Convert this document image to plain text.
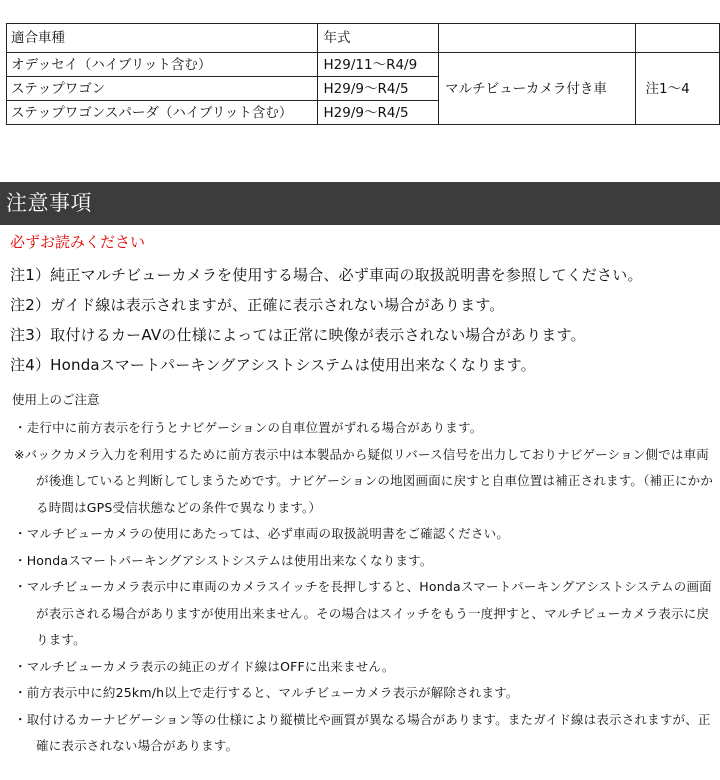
適合車種	年式		
オデッセイ（ハイブリット含む）	H29/11～R4/9	マルチビューカメラ付き車	注1～4
ステップワゴン	H29/9～R4/5		
ステップワゴンスパーダ（ハイブリット含む）	H29/9～R4/5		
注意事項
必ずお読みください
注1）純正マルチビューカメラを使用する場合、必ず車両の取扱説明書を参照してください。
注2）ガイド線は表示されますが、正確に表示されない場合があります。
注3）取付けるカーAVの仕様によっては正常に映像が表示されない場合があります。
注4）Hondaスマートパーキングアシストシステムは使用出来なくなります。
使用上のご注意
・走行中に前方表示を行うとナビゲーションの自車位置がずれる場合があります。
※バックカメラ入力を利用するために前方表示中は本製品から疑似リバース信号を出力しておりナビゲーション側では車両が後進していると判断してしまうためです。ナビゲーションの地図画面に戻すと自車位置は補正されます。（補正にかかる時間はGPS受信状態などの条件で異なります。）
・マルチビューカメラの使用にあたっては、必ず車両の取扱説明書をご確認ください。
・Hondaスマートパーキングアシストシステムは使用出来なくなります。
・マルチビューカメラ表示中に車両のカメラスイッチを長押しすると、Hondaスマートパーキングアシストシステムの画面が表示される場合がありますが使用出来ません。その場合はスイッチをもう一度押すと、マルチビューカメラ表示に戻ります。
・マルチビューカメラ表示の純正のガイド線はOFFに出来ません。
・前方表示中に約25km/h以上で走行すると、マルチビューカメラ表示が解除されます。
・取付けるカーナビゲーション等の仕様により縦横比や画質が異なる場合があります。またガイド線は表示されますが、正確に表示されない場合があります。
